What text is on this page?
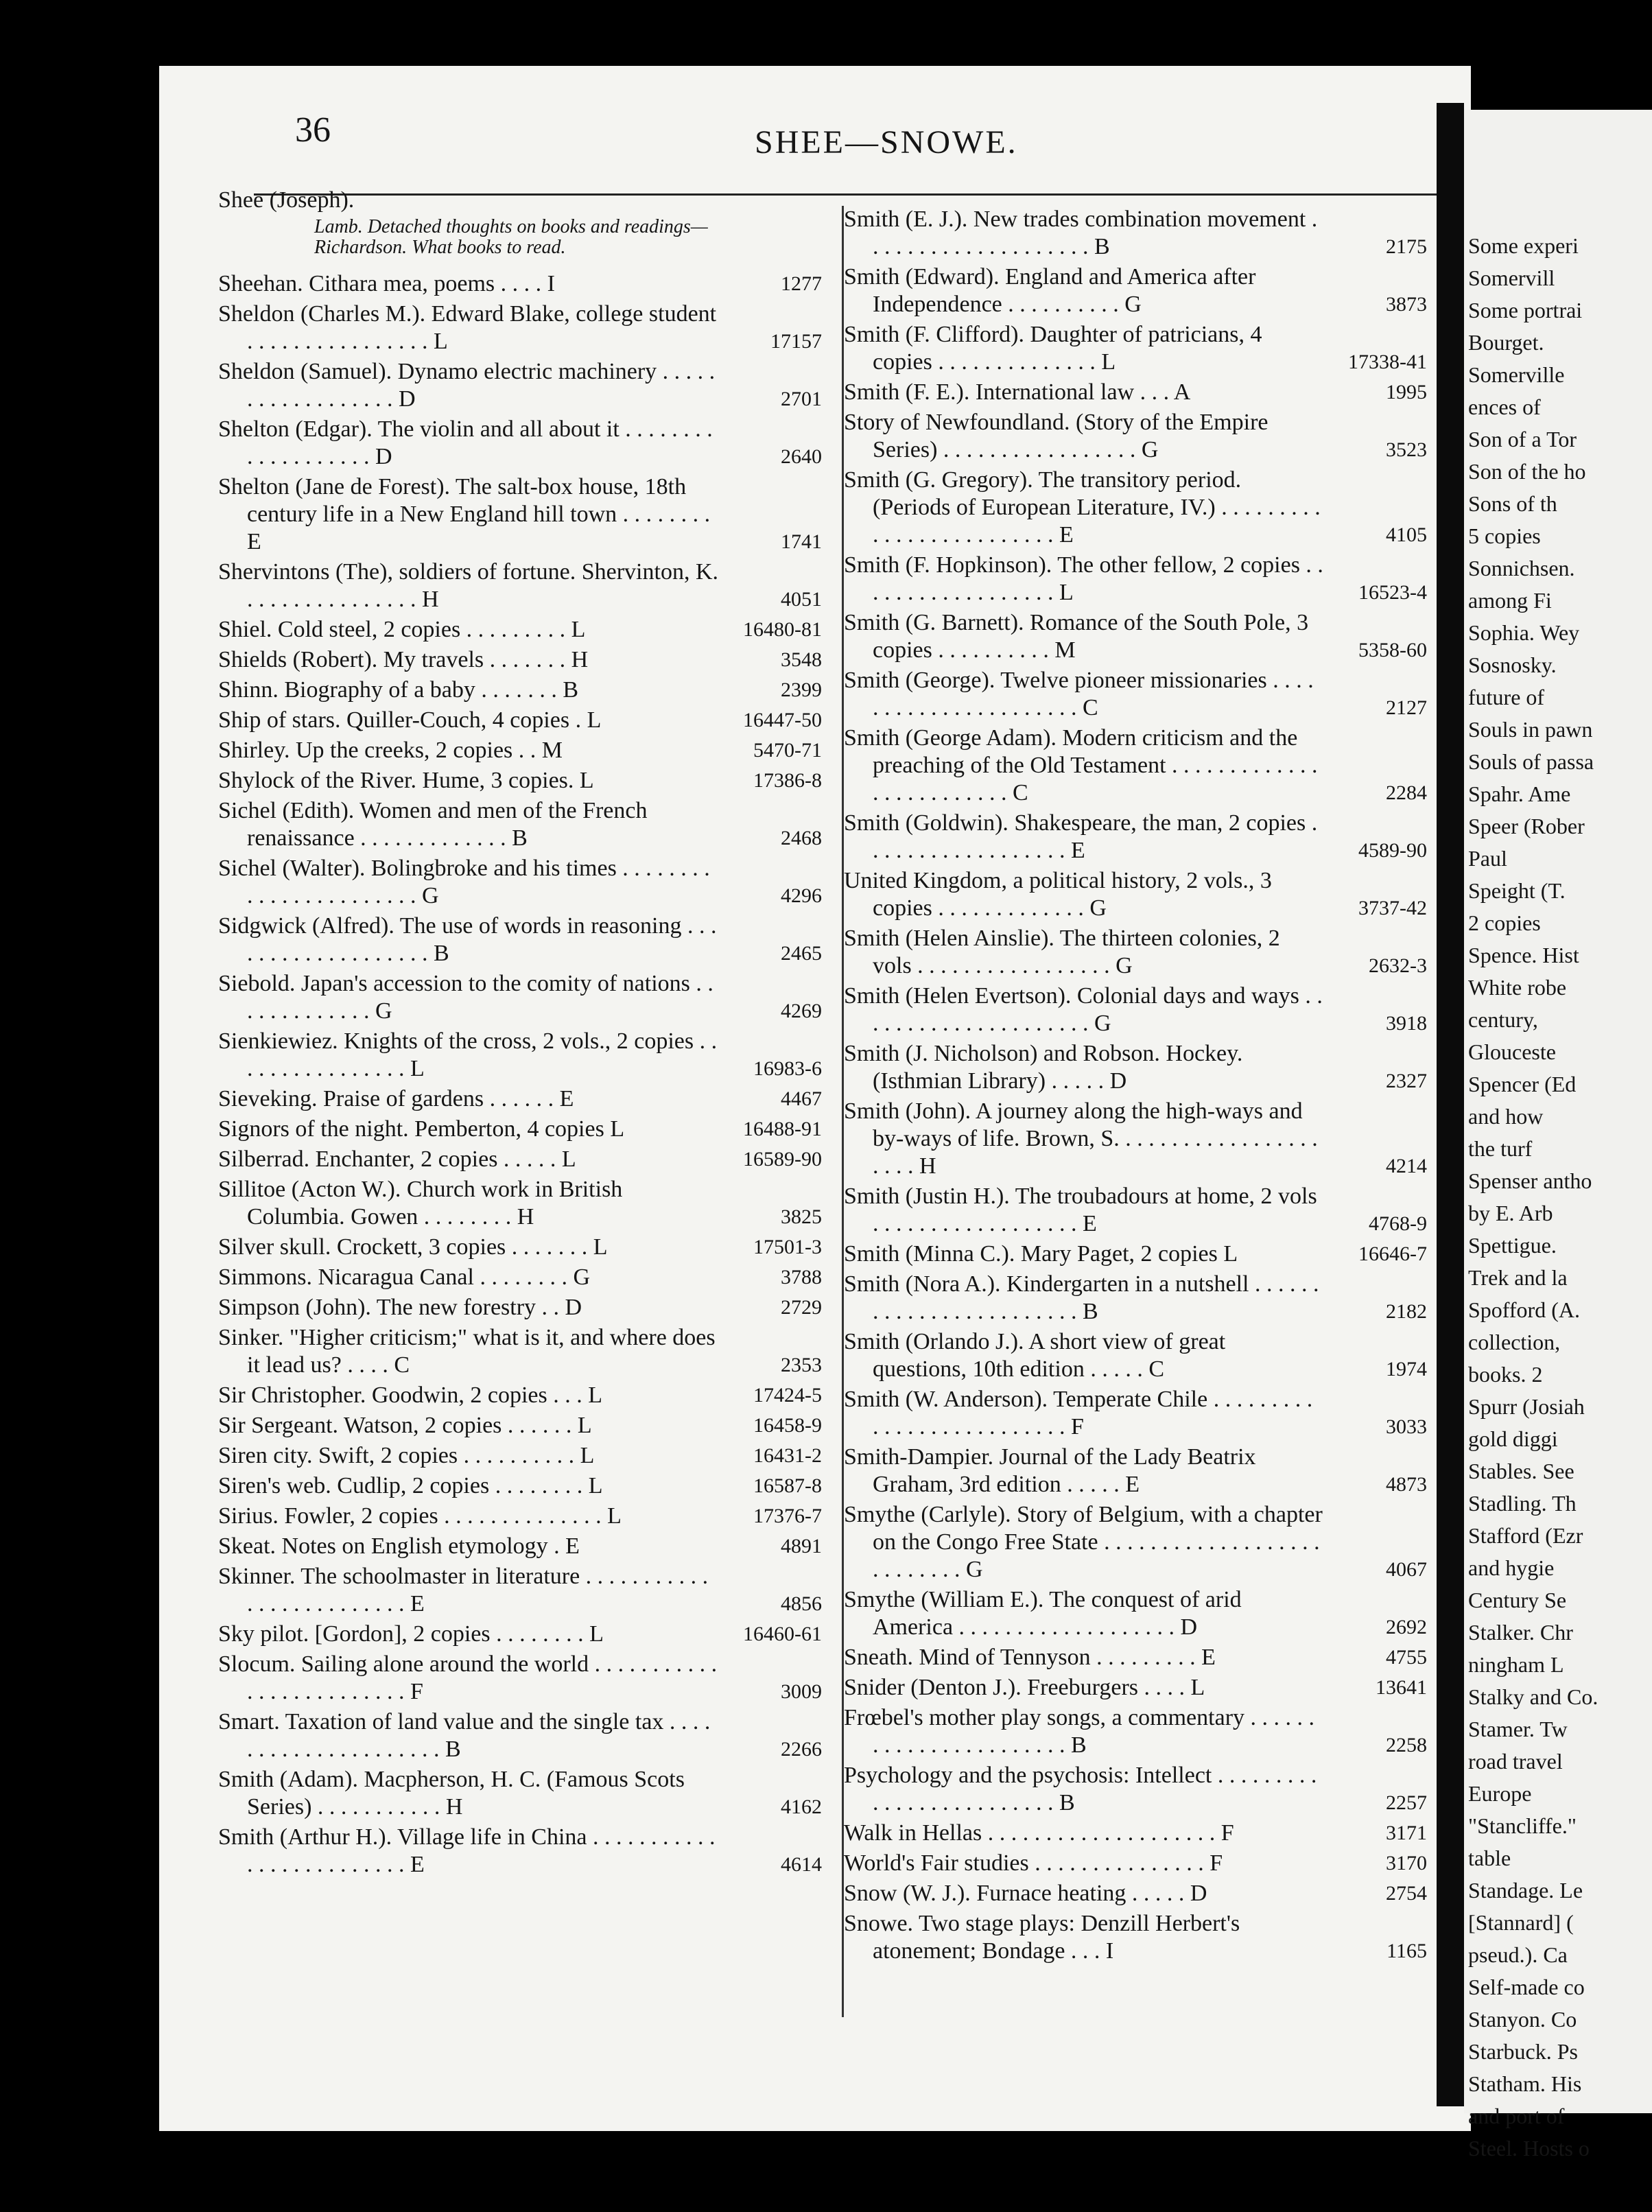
Some experi
Somervill
Some portrai
Bourget.
Somerville
ences of
Son of a Tor
Son of the ho
Sons of th
5 copies
Sonnichsen.
among Fi
Sophia. Wey
Sosnosky.
future of
Souls in pawn
Souls of passa
Spahr. Ame
Speer (Rober
Paul
Speight (T.
2 copies
Spence. Hist
White robe
century,
Glouceste
Spencer (Ed
and how
the turf
Spenser antho
by E. Arb
Spettigue.
Trek and la
Spofford (A.
collection,
books. 2
Spurr (Josiah
gold diggi
Stables. See
Stadling. Th
Stafford (Ezr
and hygie
Century Se
Stalker. Chr
ningham L
Stalky and Co.
Stamer. Tw
road travel
Europe
"Stancliffe."
table
Standage. Le
[Stannard] (
pseud.). Ca
Self-made co
Stanyon. Co
Starbuck. Ps
Statham. His
and port of
Steel. Hosts o
36	SHEE—SNOWE.
Shee (Joseph).
Lamb. Detached thoughts on books and readings—Richardson. What books to read.
Sheehan. Cithara mea, poems . . . . I	1277
Sheldon (Charles M.). Edward Blake, college student . . . . . . . . . . . . . . . . L	17157
Sheldon (Samuel). Dynamo electric machinery . . . . . . . . . . . . . . . . . . D	2701
Shelton (Edgar). The violin and all about it . . . . . . . . . . . . . . . . . . . D	2640
Shelton (Jane de Forest). The salt-box house, 18th century life in a New England hill town . . . . . . . . E	1741
Shervintons (The), soldiers of fortune. Shervinton, K. . . . . . . . . . . . . . . . H	4051
Shiel. Cold steel, 2 copies . . . . . . . . . L	16480-81
Shields (Robert). My travels . . . . . . . H	3548
Shinn. Biography of a baby . . . . . . . B	2399
Ship of stars. Quiller-Couch, 4 copies . L	16447-50
Shirley. Up the creeks, 2 copies . . M	5470-71
Shylock of the River. Hume, 3 copies. L	17386-8
Sichel (Edith). Women and men of the French renaissance . . . . . . . . . . . . . B	2468
Sichel (Walter). Bolingbroke and his times . . . . . . . . . . . . . . . . . . . . . . . G	4296
Sidgwick (Alfred). The use of words in reasoning . . . . . . . . . . . . . . . . . . . B	2465
Siebold. Japan's accession to the comity of nations . . . . . . . . . . . . . G	4269
Sienkiewiez. Knights of the cross, 2 vols., 2 copies . . . . . . . . . . . . . . . . L	16983-6
Sieveking. Praise of gardens . . . . . . E	4467
Signors of the night. Pemberton, 4 copies L	16488-91
Silberrad. Enchanter, 2 copies . . . . . L	16589-90
Sillitoe (Acton W.). Church work in British Columbia. Gowen . . . . . . . . H	3825
Silver skull. Crockett, 3 copies . . . . . . . L	17501-3
Simmons. Nicaragua Canal . . . . . . . . G	3788
Simpson (John). The new forestry . . D	2729
Sinker. "Higher criticism;" what is it, and where does it lead us? . . . . C	2353
Sir Christopher. Goodwin, 2 copies . . . L	17424-5
Sir Sergeant. Watson, 2 copies . . . . . . L	16458-9
Siren city. Swift, 2 copies . . . . . . . . . . L	16431-2
Siren's web. Cudlip, 2 copies . . . . . . . . L	16587-8
Sirius. Fowler, 2 copies . . . . . . . . . . . . . . L	17376-7
Skeat. Notes on English etymology . E	4891
Skinner. The schoolmaster in literature . . . . . . . . . . . . . . . . . . . . . . . . . E	4856
Sky pilot. [Gordon], 2 copies . . . . . . . . L	16460-61
Slocum. Sailing alone around the world . . . . . . . . . . . . . . . . . . . . . . . . . F	3009
Smart. Taxation of land value and the single tax . . . . . . . . . . . . . . . . . . . . . B	2266
Smith (Adam). Macpherson, H. C. (Famous Scots Series) . . . . . . . . . . . H	4162
Smith (Arthur H.). Village life in China . . . . . . . . . . . . . . . . . . . . . . . . . E	4614
Smith (E. J.). New trades combination movement . . . . . . . . . . . . . . . . . . . . B	2175
Smith (Edward). England and America after Independence . . . . . . . . . . G	3873
Smith (F. Clifford). Daughter of patricians, 4 copies . . . . . . . . . . . . . . L	17338-41
Smith (F. E.). International law . . . A	1995
Story of Newfoundland. (Story of the Empire Series) . . . . . . . . . . . . . . . . . G	3523
Smith (G. Gregory). The transitory period. (Periods of European Literature, IV.) . . . . . . . . . . . . . . . . . . . . . . . . . E	4105
Smith (F. Hopkinson). The other fellow, 2 copies . . . . . . . . . . . . . . . . . . L	16523-4
Smith (G. Barnett). Romance of the South Pole, 3 copies . . . . . . . . . . M	5358-60
Smith (George). Twelve pioneer missionaries . . . . . . . . . . . . . . . . . . . . . . C	2127
Smith (George Adam). Modern criticism and the preaching of the Old Testament . . . . . . . . . . . . . . . . . . . . . . . . . C	2284
Smith (Goldwin). Shakespeare, the man, 2 copies . . . . . . . . . . . . . . . . . . E	4589-90
United Kingdom, a political history, 2 vols., 3 copies . . . . . . . . . . . . . G	3737-42
Smith (Helen Ainslie). The thirteen colonies, 2 vols . . . . . . . . . . . . . . . . . G	2632-3
Smith (Helen Evertson). Colonial days and ways . . . . . . . . . . . . . . . . . . . . . G	3918
Smith (J. Nicholson) and Robson. Hockey. (Isthmian Library) . . . . . D	2327
Smith (John). A journey along the high-ways and by-ways of life. Brown, S. . . . . . . . . . . . . . . . . . . . . . H	4214
Smith (Justin H.). The troubadours at home, 2 vols . . . . . . . . . . . . . . . . . . E	4768-9
Smith (Minna C.). Mary Paget, 2 copies L	16646-7
Smith (Nora A.). Kindergarten in a nutshell . . . . . . . . . . . . . . . . . . . . . . . . B	2182
Smith (Orlando J.). A short view of great questions, 10th edition . . . . . C	1974
Smith (W. Anderson). Temperate Chile . . . . . . . . . . . . . . . . . . . . . . . . . . F	3033
Smith-Dampier. Journal of the Lady Beatrix Graham, 3rd edition . . . . . E	4873
Smythe (Carlyle). Story of Belgium, with a chapter on the Congo Free State . . . . . . . . . . . . . . . . . . . . . . . . . . . G	4067
Smythe (William E.). The conquest of arid America . . . . . . . . . . . . . . . . . . . D	2692
Sneath. Mind of Tennyson . . . . . . . . . E	4755
Snider (Denton J.). Freeburgers . . . . L	13641
Frœbel's mother play songs, a commentary . . . . . . . . . . . . . . . . . . . . . . . B	2258
Psychology and the psychosis: Intellect . . . . . . . . . . . . . . . . . . . . . . . . . B	2257
Walk in Hellas . . . . . . . . . . . . . . . . . . . . F	3171
World's Fair studies . . . . . . . . . . . . . . . F	3170
Snow (W. J.). Furnace heating . . . . . D	2754
Snowe. Two stage plays: Denzill Herbert's atonement; Bondage . . . I	1165
